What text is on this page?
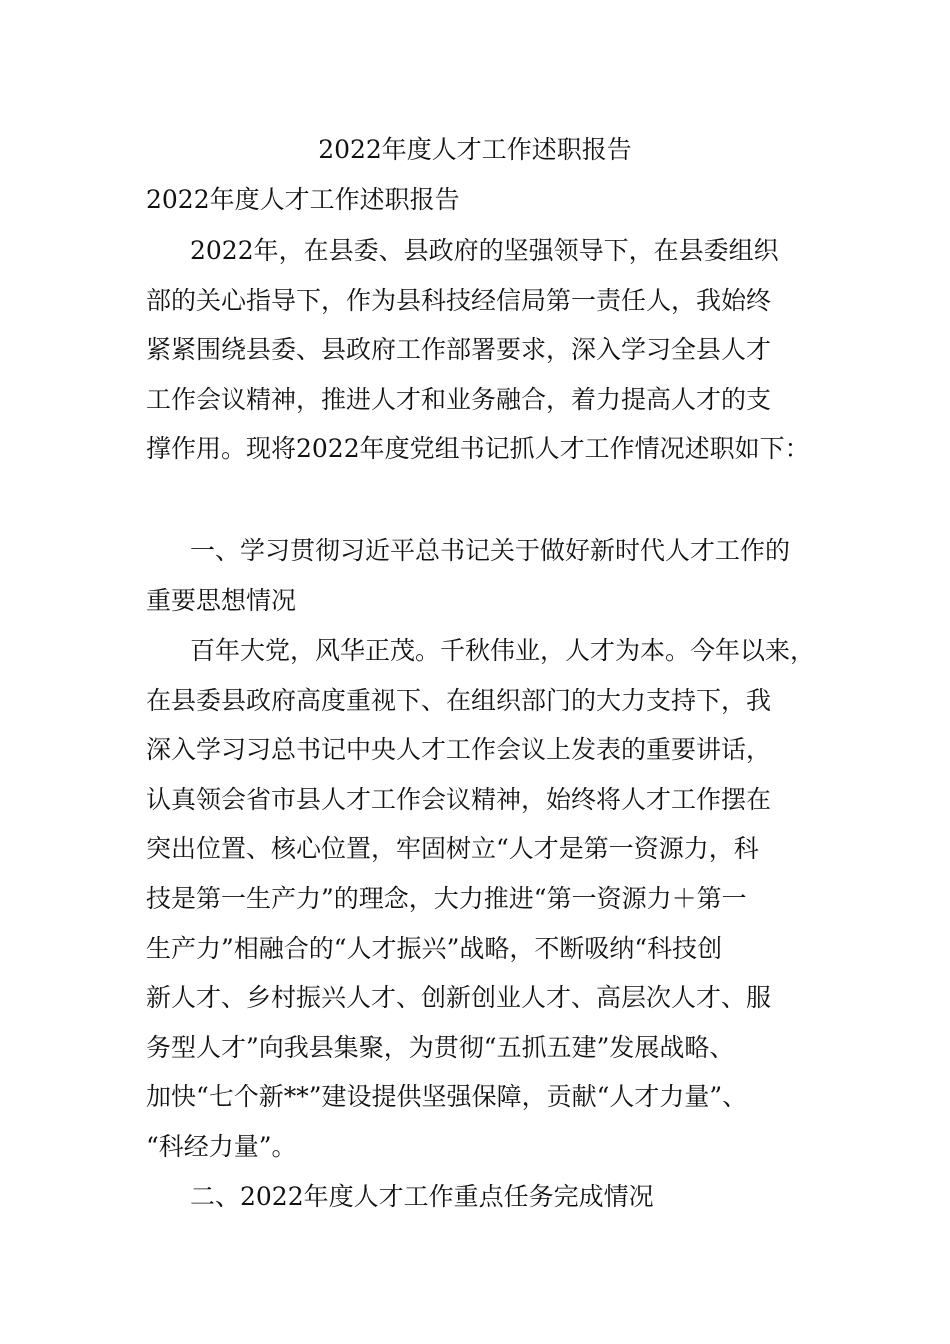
2022年度人才工作述职报告
2022年度人才工作述职报告
2022年，在县委、县政府的坚强领导下，在县委组织
部的关心指导下，作为县科技经信局第一责任人，我始终
紧紧围绕县委、县政府工作部署要求，深入学习全县人才
工作会议精神，推进人才和业务融合，着力提高人才的支
撑作用。现将2022年度党组书记抓人才工作情况述职如下：
一、学习贯彻习近平总书记关于做好新时代人才工作的
重要思想情况
百年大党，风华正茂。千秋伟业，人才为本。今年以来，
在县委县政府高度重视下、在组织部门的大力支持下，我
深入学习习总书记中央人才工作会议上发表的重要讲话，
认真领会省市县人才工作会议精神，始终将人才工作摆在
突出位置、核心位置，牢固树立“人才是第一资源力，科
技是第一生产力”的理念，大力推进“第一资源力＋第一
生产力”相融合的“人才振兴”战略，不断吸纳“科技创
新人才、乡村振兴人才、创新创业人才、高层次人才、服
务型人才”向我县集聚，为贯彻“五抓五建”发展战略、
加快“七个新**”建设提供坚强保障，贡献“人才力量”、
“科经力量”。
二、2022年度人才工作重点任务完成情况
